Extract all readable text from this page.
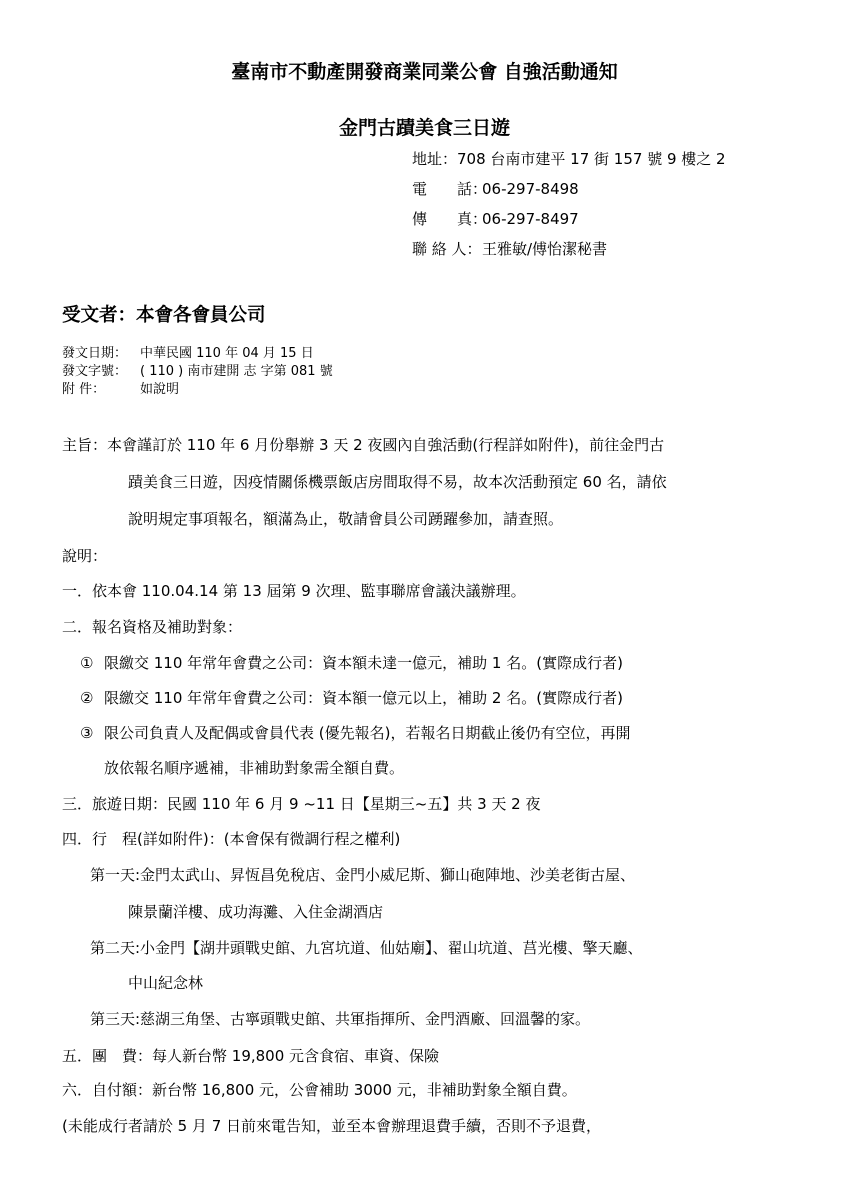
臺南市不動產開發商業同業公會 自強活動通知
金門古蹟美食三日遊
地址：708 台南市建平 17 街 157 號 9 樓之 2
電　　話：06-297-8498
傳　　真：06-297-8497
聯 絡 人：王雅敏/傅怡潔秘書
受文者：本會各會員公司
發文日期： 中華民國 110 年 04 月 15 日
發文字號： ( 110 ) 南市建開 志 字第 081 號
附 件：	如說明
主旨：本會謹訂於 110 年 6 月份舉辦 3 天 2 夜國內自強活動(行程詳如附件)，前往金門古
蹟美食三日遊，因疫情關係機票飯店房間取得不易，故本次活動預定 60 名，請依
說明規定事項報名，額滿為止，敬請會員公司踴躍參加，請查照。
說明：
一．依本會 110.04.14 第 13 屆第 9 次理、監事聯席會議決議辦理。
二．報名資格及補助對象：
① 限繳交 110 年常年會費之公司：資本額未達一億元，補助 1 名。(實際成行者)
② 限繳交 110 年常年會費之公司：資本額一億元以上，補助 2 名。(實際成行者)
③ 限公司負責人及配偶或會員代表 (優先報名)，若報名日期截止後仍有空位，再開
放依報名順序遞補，非補助對象需全額自費。
三．旅遊日期：民國 110 年 6 月 9 ~11 日【星期三~五】共 3 天 2 夜
四．行　程(詳如附件)：(本會保有微調行程之權利)
第一天:金門太武山、昇恆昌免稅店、金門小威尼斯、獅山砲陣地、沙美老街古屋、
陳景蘭洋樓、成功海灘、入住金湖酒店
第二天:小金門【湖井頭戰史館、九宮坑道、仙姑廟】、翟山坑道、莒光樓、擎天廳、
中山紀念林
第三天:慈湖三角堡、古寧頭戰史館、共軍指揮所、金門酒廠、回溫馨的家。
五．團　費：每人新台幣 19,800 元含食宿、車資、保險
六．自付額：新台幣 16,800 元，公會補助 3000 元，非補助對象全額自費。
(未能成行者請於 5 月 7 日前來電告知，並至本會辦理退費手續，否則不予退費，
